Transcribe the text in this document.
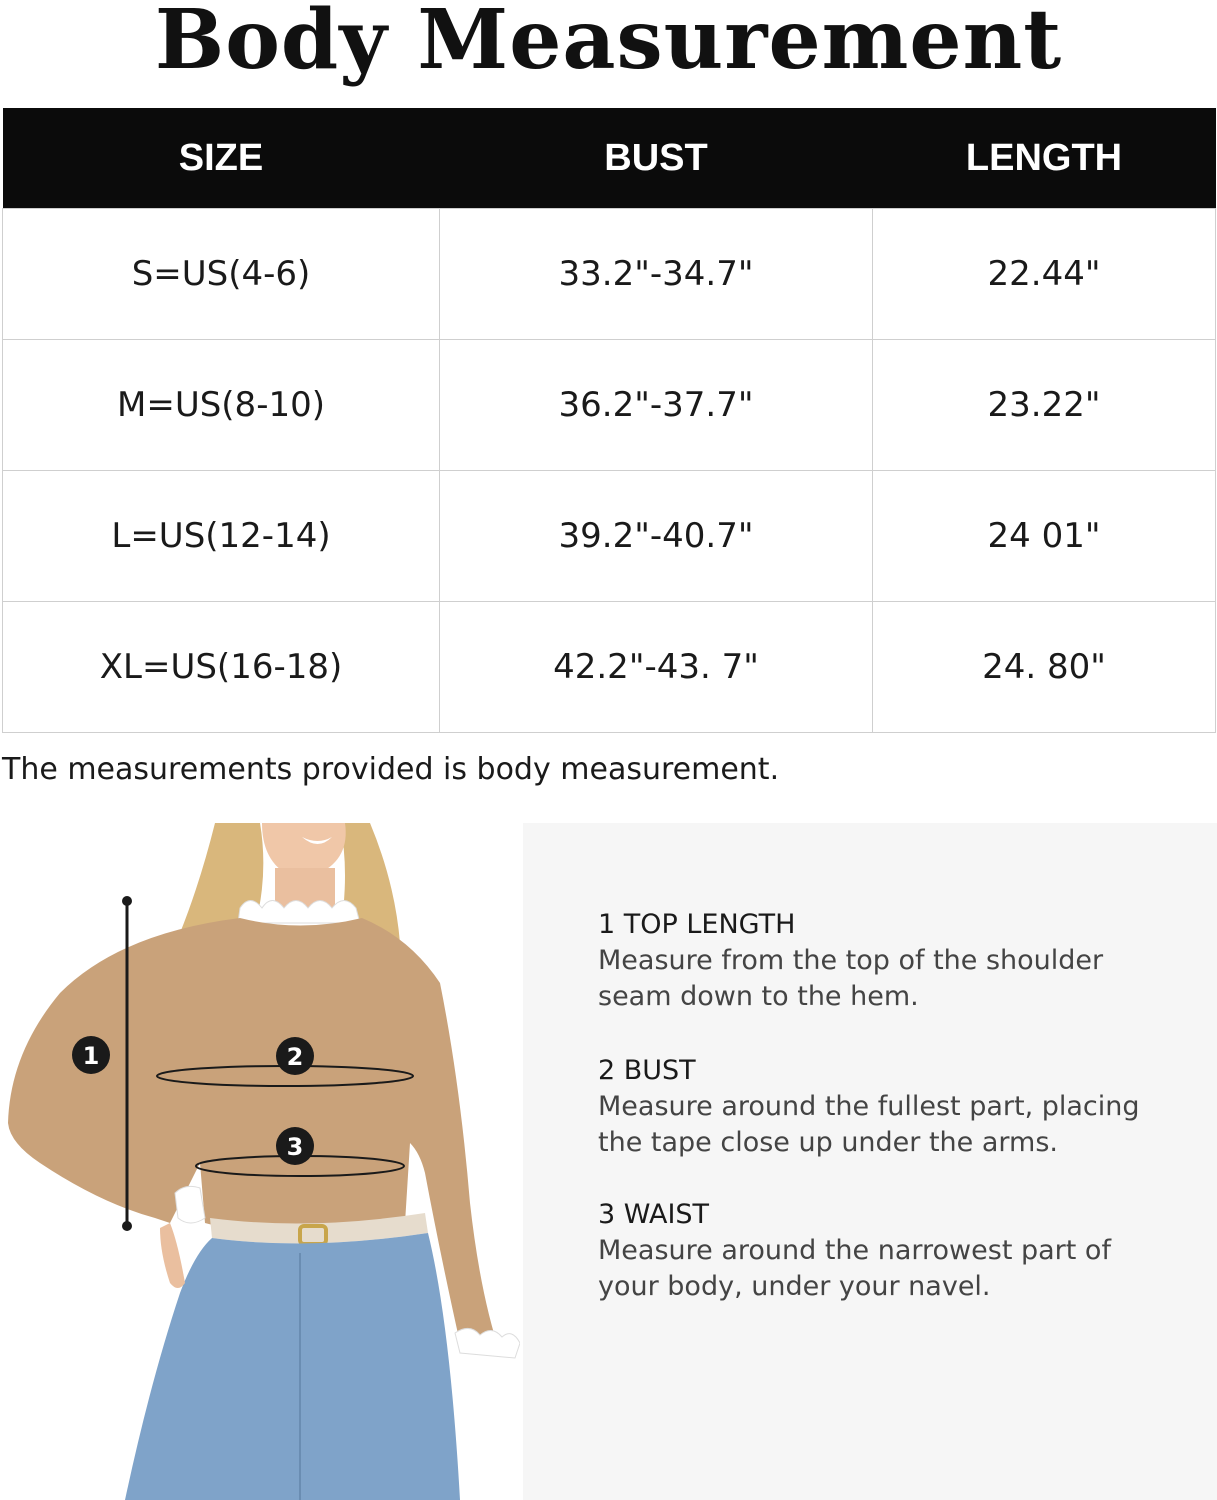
Body Measurement
SIZE	BUST	LENGTH
S=US(4-6)	33.2"-34.7"	22.44"
M=US(8-10)	36.2"-37.7"	23.22"
L=US(12-14)	39.2"-40.7"	24 01"
XL=US(16-18)	42.2"-43. 7"	24. 80"
The measurements provided is body measurement.
1	2
3
1 TOP LENGTH
Measure from the top of the shoulder
seam down to the hem.
2 BUST
Measure around the fullest part, placing
the tape close up under the arms.
3 WAIST
Measure around the narrowest part of
your body, under your navel.
